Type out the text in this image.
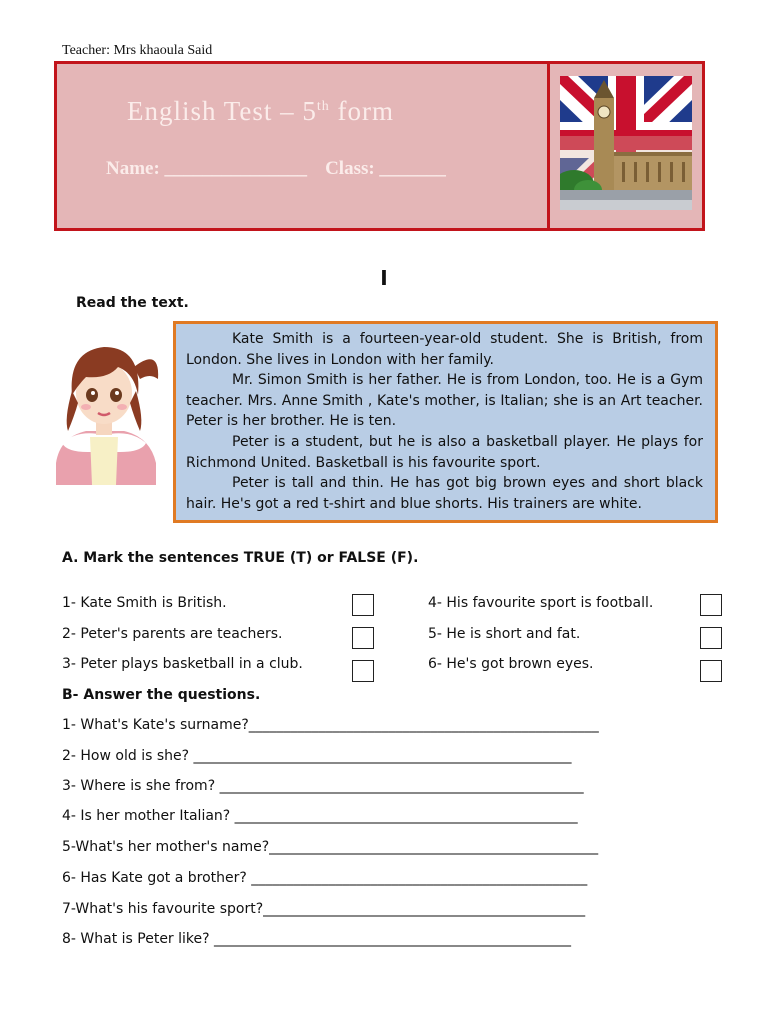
Teacher: Mrs khaoula Said
English Test – 5th form
Name: _______________ Class: _______
I
Read the text.

Kate Smith is a fourteen-year-old student. She is British, from London. She lives in London with her family.

Mr. Simon Smith is her father. He is from London, too. He is a Gym teacher. Mrs. Anne Smith , Kate's mother, is Italian; she is an Art teacher. Peter is her brother. He is ten.

Peter is a student, but he is also a basketball player. He plays for Richmond United. Basketball is his favourite sport.

Peter is tall and thin. He has got big brown eyes and short black hair. He's got a red t-shirt and blue shorts. His trainers are white.

A. Mark the sentences TRUE (T) or FALSE (F).
1- Kate Smith is British.
2- Peter's parents are teachers.
3- Peter plays basketball in a club.
4- His favourite sport is football.
5- He is short and fat.
6- He's got brown eyes.
B- Answer the questions.
1- What's Kate's surname?__________________________________________________
2- How old is she? ______________________________________________________
3- Where is she from? ____________________________________________________
4- Is her mother Italian? _________________________________________________
5-What's her mother's name?_______________________________________________
6- Has Kate got a brother? ________________________________________________
7-What's his favourite sport?______________________________________________
8- What is Peter like? ___________________________________________________
